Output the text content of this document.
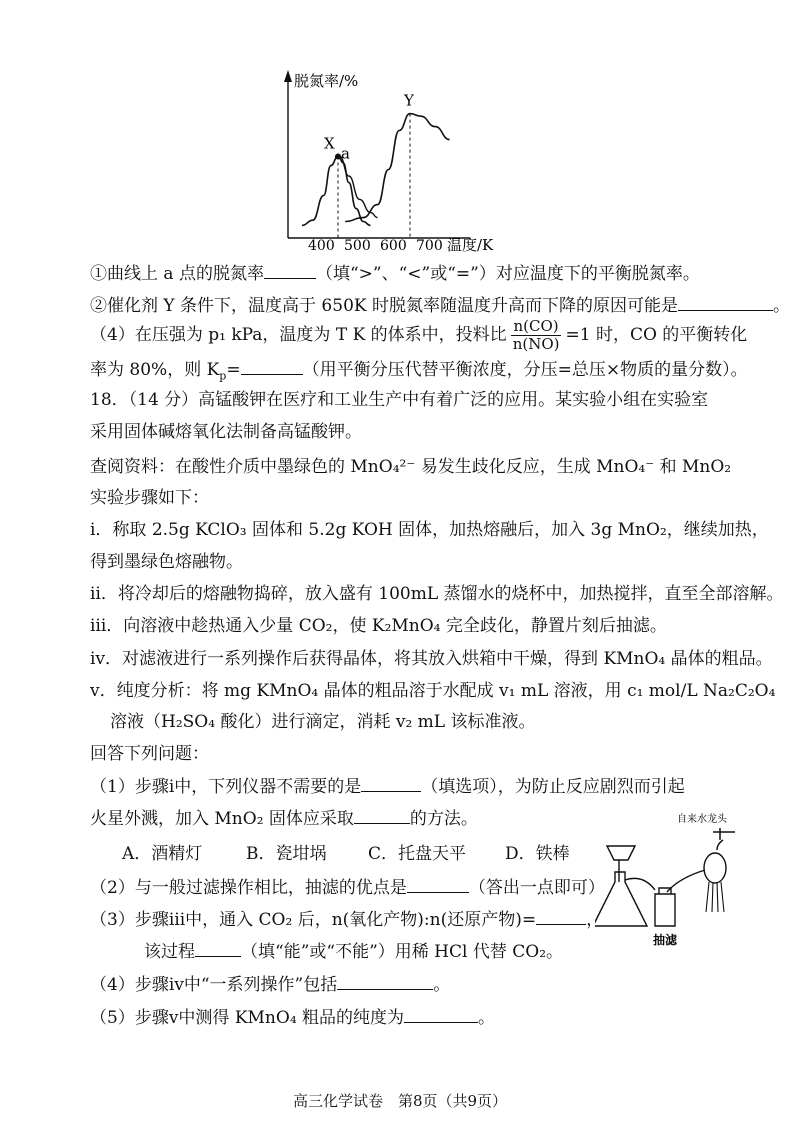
脱氮率/%
温度/K
400 500 600 700
X
a
Y
①曲线上 a 点的脱氮率	（填“>”、“<”或“=”）对应温度下的平衡脱氮率。
②催化剂 Y 条件下，温度高于 650K 时脱氮率随温度升高而下降的原因可能是	。
（4）在压强为 p₁ kPa，温度为 T K 的体系中，投料比 $\frac{n(CO)}{n(NO)} =1$ 时，CO 的平衡转化
率为 80%，则 $K_p=$	（用平衡分压代替平衡浓度，分压=总压×物质的量分数）。
18．（14 分）高锰酸钾在医疗和工业生产中有着广泛的应用。某实验小组在实验室
采用固体碱熔氧化法制备高锰酸钾。
查阅资料：在酸性介质中墨绿色的 MnO₄²⁻ 易发生歧化反应，生成 MnO₄⁻ 和 MnO₂
实验步骤如下：
ⅰ．称取 2.5g KClO₃ 固体和 5.2g KOH 固体，加热熔融后，加入 3g MnO₂，继续加热，
得到墨绿色熔融物。
ⅱ．将冷却后的熔融物捣碎，放入盛有 100mL 蒸馏水的烧杯中，加热搅拌，直至全部溶解。
ⅲ．向溶液中趁热通入少量 CO₂，使 K₂MnO₄ 完全歧化，静置片刻后抽滤。
ⅳ．对滤液进行一系列操作后获得晶体，将其放入烘箱中干燥，得到 KMnO₄ 晶体的粗品。
ⅴ．纯度分析：将 mg KMnO₄ 晶体的粗品溶于水配成 v₁ mL 溶液，用 c₁ mol/L Na₂C₂O₄
溶液（H₂SO₄ 酸化）进行滴定，消耗 v₂ mL 该标准液。
回答下列问题：
（1）步骤ⅰ中，下列仪器不需要的是	（填选项），为防止反应剧烈而引起
火星外溅，加入 MnO₂ 固体应采取	的方法。
A．酒精灯	B．瓷坩埚 C．托盘天平 D．铁棒
（2）与一般过滤操作相比，抽滤的优点是	（答出一点即可）
（3）步骤ⅲ中，通入 CO₂ 后，n(氧化产物):n(还原产物)=	，
该过程	（填“能”或“不能”）用稀 HCl 代替 CO₂。
（4）步骤ⅳ中“一系列操作”包括	。
（5）步骤ⅴ中测得 KMnO₄ 粗品的纯度为	。
自来水龙头
抽滤
高三化学试卷　第8页（共9页）
